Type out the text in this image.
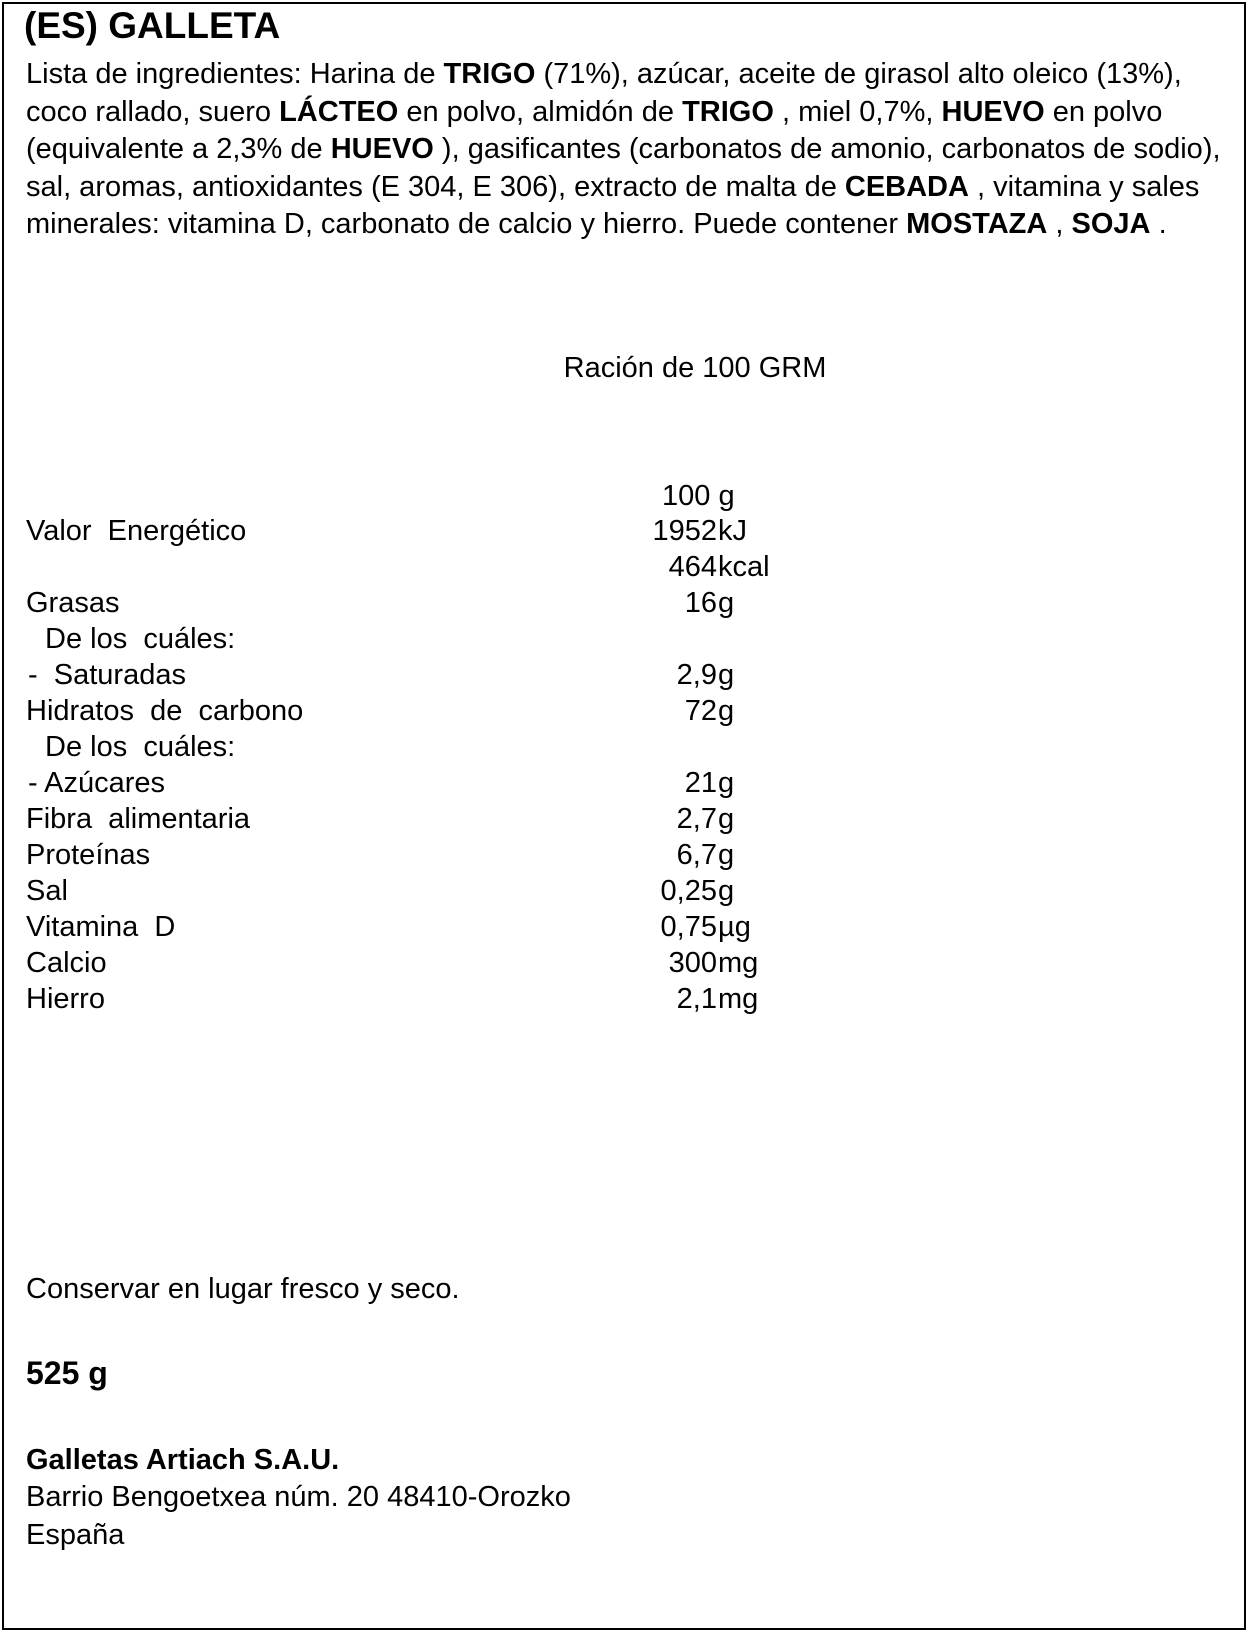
(ES) GALLETA
Lista de ingredientes: Harina de TRIGO (71%), azúcar, aceite de girasol alto oleico (13%), coco rallado, suero LÁCTEO en polvo, almidón de TRIGO , miel 0,7%, HUEVO en polvo (equivalente a 2,3% de HUEVO ), gasificantes (carbonatos de amonio, carbonatos de sodio), sal, aromas, antioxidantes (E 304, E 306), extracto de malta de CEBADA , vitamina y sales minerales: vitamina D, carbonato de calcio y hierro. Puede contener MOSTAZA , SOJA .
Ración de 100 GRM
100 g
Valor  Energético	1952 kJ
464 kcal
Grasas	16 g
De los  cuáles:
-  Saturadas	2,9 g
Hidratos  de  carbono	72 g
De los  cuáles:
- Azúcares	21 g
Fibra  alimentaria	2,7 g
Proteínas	6,7 g
Sal	0,25 g
Vitamina  D	0,75 µg
Calcio	300 mg
Hierro	2,1 mg
Conservar en lugar fresco y seco.
525 g
Galletas Artiach S.A.U.
Barrio Bengoetxea núm. 20 48410-Orozko
España
